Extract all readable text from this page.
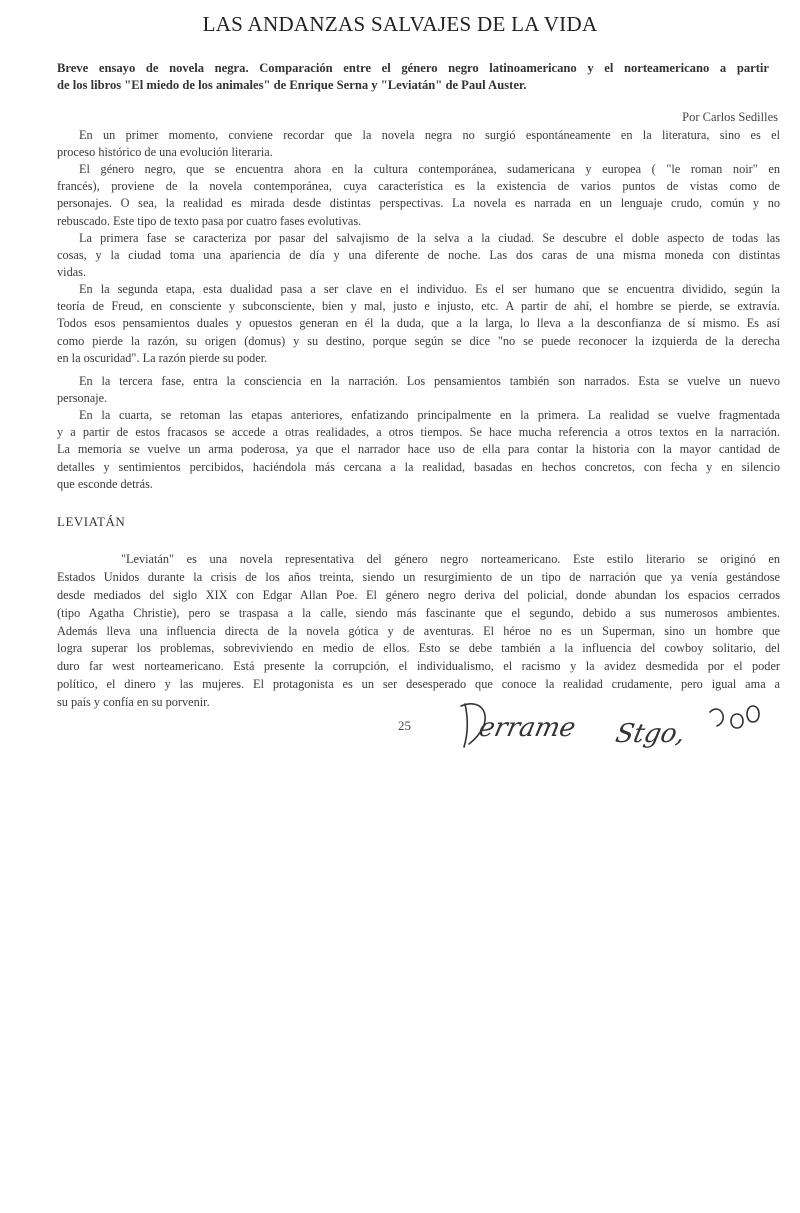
LAS ANDANZAS SALVAJES DE LA VIDA
Breve ensayo de novela negra. Comparación entre el género negro latinoamericano y el norteamericano a partir
de los libros "El miedo de los animales" de Enrique Serna y "Leviatán" de Paul Auster.
Por Carlos Sedilles
En un primer momento, conviene recordar que la novela negra no surgió espontáneamente en la literatura, sino es el
proceso histórico de una evolución literaria.
El género negro, que se encuentra ahora en la cultura contemporánea, sudamericana y europea ( "le roman noir" en
francés), proviene de la novela contemporánea, cuya característica es la existencia de varios puntos de vistas como de
personajes. O sea, la realidad es mirada desde distintas perspectivas. La novela es narrada en un lenguaje crudo, común y no
rebuscado. Este tipo de texto pasa por cuatro fases evolutivas.
La primera fase se caracteriza por pasar del salvajismo de la selva a la ciudad. Se descubre el doble aspecto de todas las
cosas, y la ciudad toma una apariencia de día y una diferente de noche. Las dos caras de una misma moneda con distintas
vidas.
En la segunda etapa, esta dualidad pasa a ser clave en el individuo. Es el ser humano que se encuentra dividido, según la
teoría de Freud, en consciente y subconsciente, bien y mal, justo e injusto, etc. A partir de ahí, el hombre se pierde, se extravía.
Todos esos pensamientos duales y opuestos generan en él la duda, que a la larga, lo lleva a la desconfianza de sí mismo. Es así
como pierde la razón, su origen (domus) y su destino, porque según se dice "no se puede reconocer la izquierda de la derecha
en la oscuridad". La razón pierde su poder.
En la tercera fase, entra la consciencia en la narración. Los pensamientos también son narrados. Esta se vuelve un nuevo
personaje.
En la cuarta, se retoman las etapas anteriores, enfatizando principalmente en la primera. La realidad se vuelve fragmentada
y a partir de estos fracasos se accede a otras realidades, a otros tiempos. Se hace mucha referencia a otros textos en la narración.
La memoria se vuelve un arma poderosa, ya que el narrador hace uso de ella para contar la historia con la mayor cantidad de
detalles y sentimientos percibidos, haciéndola más cercana a la realidad, basadas en hechos concretos, con fecha y en silencio
que esconde detrás.
LEVIATÁN
"Leviatán" es una novela representativa del género negro norteamericano. Este estilo literario se originó en
Estados Unidos durante la crisis de los años treinta, siendo un resurgimiento de un tipo de narración que ya venía gestándose
desde mediados del siglo XIX con Edgar Allan Poe. El género negro deriva del policial, donde abundan los espacios cerrados
(tipo Agatha Christie), pero se traspasa a la calle, siendo más fascinante que el segundo, debido a sus numerosos ambientes.
Además lleva una influencia directa de la novela gótica y de aventuras. El héroe no es un Superman, sino un hombre que
logra superar los problemas, sobreviviendo en medio de ellos. Esto se debe también a la influencia del cowboy solitario, del
duro far west norteamericano. Está presente la corrupción, el individualismo, el racismo y la avidez desmedida por el poder
político, el dinero y las mujeres. El protagonista es un ser desesperado que conoce la realidad crudamente, pero igual ama a
su país y confía en su porvenir.
25	errame Stgo,
